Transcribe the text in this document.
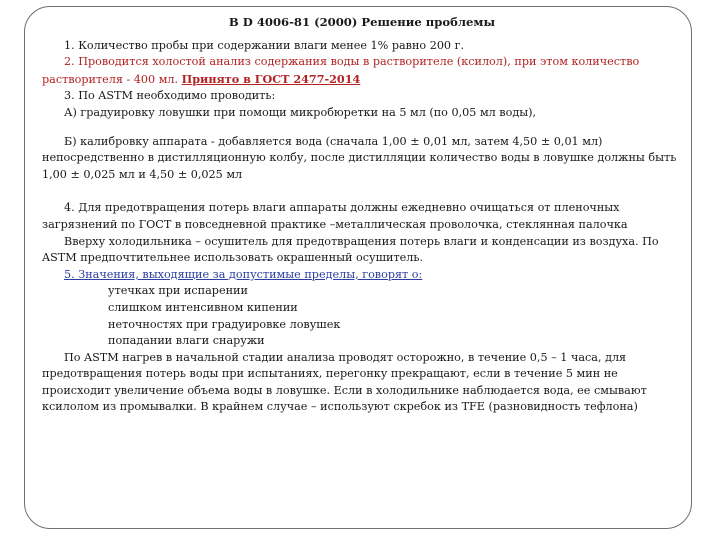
В D 4006-81 (2000) Решение проблемы

1. Количество пробы при содержании влаги менее 1% равно 200 г.

2. Проводится холостой анализ содержания воды в растворителе (ксилол), при этом количество растворителя - 400 мл. Принято в ГОСТ 2477-2014

3. По ASTM необходимо проводить:

А) градуировку ловушки при помощи микробюретки на 5 мл (по 0,05 мл воды),

Б) калибровку аппарата - добавляется вода (сначала 1,00 ± 0,01 мл, затем 4,50 ± 0,01 мл) непосредственно в дистилляционную колбу, после дистилляции количество воды в ловушке должны быть 1,00 ± 0,025 мл и 4,50 ± 0,025 мл

4. Для предотвращения потерь влаги аппараты должны ежедневно очищаться от пленочных загрязнений по ГОСТ в повседневной практике –металлическая проволочка, стеклянная палочка

Вверху холодильника – осушитель для предотвращения потерь влаги и конденсации из воздуха. По ASTM предпочтительнее использовать окрашенный осушитель.

5. Значения, выходящие за допустимые пределы, говорят о:

утечках при испарении
слишком интенсивном кипении
неточностях при градуировке ловушек
попадании влаги снаружи

По ASTM нагрев в начальной стадии анализа проводят осторожно, в течение 0,5 – 1 часа, для предотвращения потерь воды при испытаниях, перегонку прекращают, если в течение 5 мин не происходит увеличение объема воды в ловушке. Если в холодильнике наблюдается вода, ее смывают ксилолом из промывалки. В крайнем случае – используют скребок из TFE (разновидность тефлона)
